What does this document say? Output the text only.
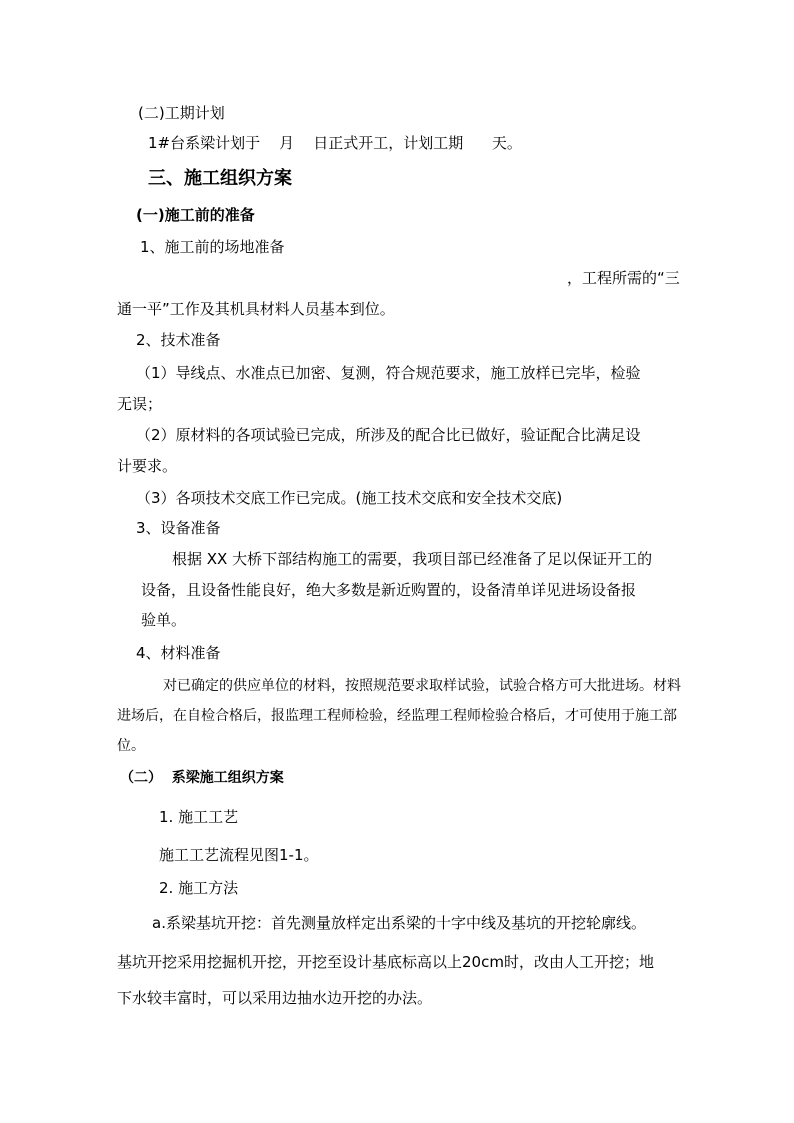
(二)工期计划
1#台系梁计划于    月    日正式开工，计划工期      天。
三、施工组织方案
(一)施工前的准备
1、施工前的场地准备
，工程所需的“三
通一平”工作及其机具材料人员基本到位。
2、技术准备
（1）导线点、水准点已加密、复测，符合规范要求，施工放样已完毕，检验
无误；
（2）原材料的各项试验已完成，所涉及的配合比已做好，验证配合比满足设
计要求。
（3）各项技术交底工作已完成。(施工技术交底和安全技术交底)
3、设备准备
根据 XX 大桥下部结构施工的需要，我项目部已经准备了足以保证开工的
设备，且设备性能良好，绝大多数是新近购置的，设备清单详见进场设备报
验单。
4、材料准备
对已确定的供应单位的材料，按照规范要求取样试验，试验合格方可大批进场。材料
进场后，在自检合格后，报监理工程师检验，经监理工程师检验合格后，才可使用于施工部
位。
（二）  系梁施工组织方案
1. 施工工艺
施工工艺流程见图1-1。
2. 施工方法
a.系梁基坑开挖：首先测量放样定出系梁的十字中线及基坑的开挖轮廓线。
基坑开挖采用挖掘机开挖，开挖至设计基底标高以上20cm时，改由人工开挖；地
下水较丰富时，可以采用边抽水边开挖的办法。
